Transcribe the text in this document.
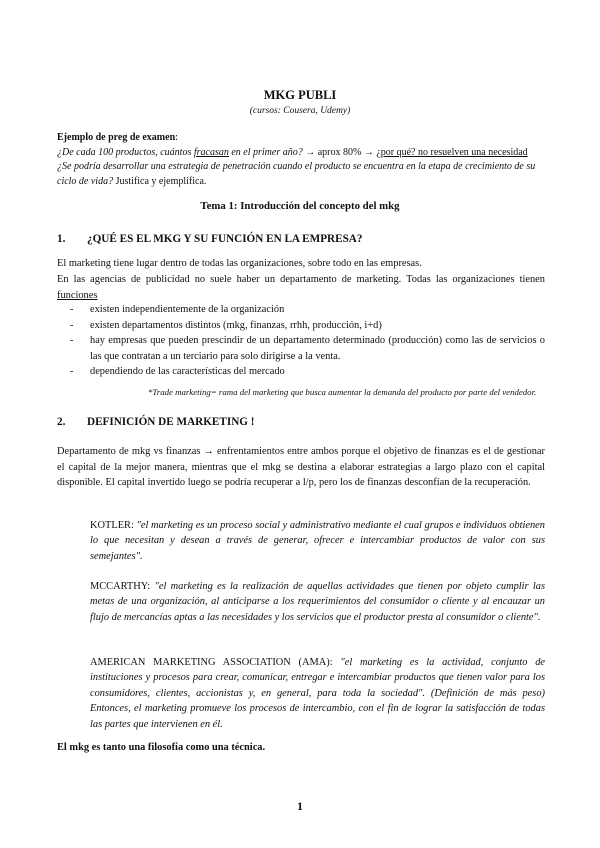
MKG PUBLI
(cursos: Cousera, Udemy)
Ejemplo de preg de examen:
¿De cada 100 productos, cuántos fracasan en el primer año? → aprox 80% → ¿por qué? no resuelven una necesidad
¿Se podría desarrollar una estrategia de penetración cuando el producto se encuentra en la etapa de crecimiento de su ciclo de vida? Justifica y ejemplifica.
Tema 1: Introducción del concepto del mkg
1. ¿QUÉ ES EL MKG Y SU FUNCIÓN EN LA EMPRESA?
El marketing tiene lugar dentro de todas las organizaciones, sobre todo en las empresas.
En las agencias de publicidad no suele haber un departamento de marketing. Todas las organizaciones tienen funciones
-	existen independientemente de la organización
-	existen departamentos distintos (mkg, finanzas, rrhh, producción, i+d)
-	hay empresas que pueden prescindir de un departamento determinado (producción) como las de servicios o las que contratan a un terciario para solo dirigirse a la venta.
-	dependiendo de las características del mercado
*Trade marketing= rama del marketing que busca aumentar la demanda del producto por parte del vendedor.
2. DEFINICIÓN DE MARKETING !
Departamento de mkg vs finanzas → enfrentamientos entre ambos porque el objetivo de finanzas es el de gestionar el capital de la mejor manera, mientras que el mkg se destina a elaborar estrategias a largo plazo con el capital disponible. El capital invertido luego se podría recuperar a l/p, pero los de finanzas desconfían de la recuperación.
KOTLER: "el marketing es un proceso social y administrativo mediante el cual grupos e individuos obtienen lo que necesitan y desean a través de generar, ofrecer e intercambiar productos de valor con sus semejantes".
MCCARTHY: "el marketing es la realización de aquellas actividades que tienen por objeto cumplir las metas de una organización, al anticiparse a los requerimientos del consumidor o cliente y al encauzar un flujo de mercancías aptas a las necesidades y los servicios que el productor presta al consumidor o cliente".
AMERICAN MARKETING ASSOCIATION (AMA): "el marketing es la actividad, conjunto de instituciones y procesos para crear, comunicar, entregar e intercambiar productos que tienen valor para los consumidores, clientes, accionistas y, en general, para toda la sociedad". (Definición de más peso) Entonces, el marketing promueve los procesos de intercambio, con el fin de lograr la satisfacción de todas las partes que intervienen en él.
El mkg es tanto una filosofía como una técnica.
1
